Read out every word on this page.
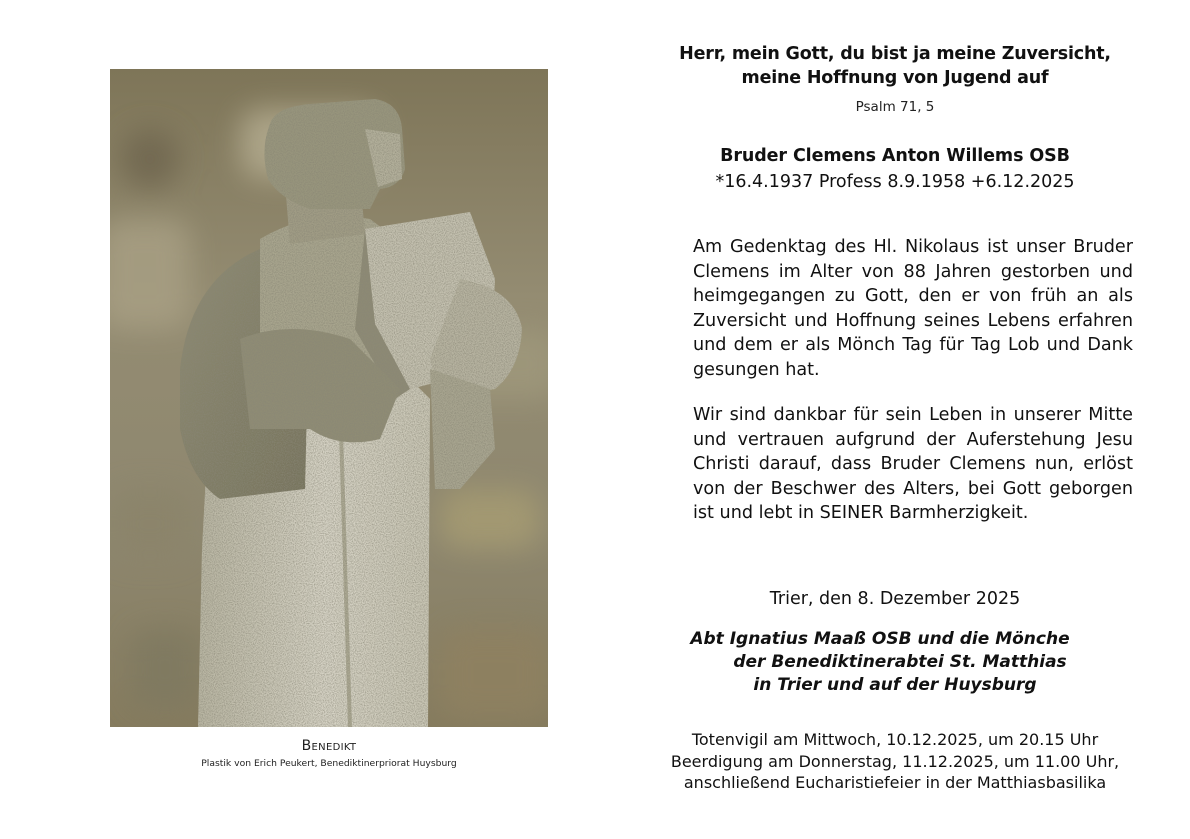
Benedikt
Plastik von Erich Peukert, Benediktinerpriorat Huysburg
Herr, mein Gott, du bist ja meine Zuversicht,
meine Hoffnung von Jugend auf
Psalm 71, 5
Bruder Clemens Anton Willems OSB
*16.4.1937 Profess 8.9.1958 +6.12.2025

Am Gedenktag des Hl. Nikolaus ist unser Bruder Clemens im Alter von 88 Jahren gestorben und heimgegangen zu Gott, den er von früh an als Zuversicht und Hoffnung seines Lebens erfahren und dem er als Mönch Tag für Tag Lob und Dank gesungen hat.

Wir sind dankbar für sein Leben in unserer Mitte und vertrauen aufgrund der Auferstehung Jesu Christi darauf, dass Bruder Clemens nun, erlöst von der Beschwer des Alters, bei Gott geborgen ist und lebt in SEINER Barmherzigkeit.

Trier, den 8. Dezember 2025
Abt Ignatius Maaß OSB und die Mönche
der Benediktinerabtei St. Matthias
in Trier und auf der Huysburg
Totenvigil am Mittwoch, 10.12.2025, um 20.15 Uhr
Beerdigung am Donnerstag, 11.12.2025, um 11.00 Uhr,
anschließend Eucharistiefeier in der Matthiasbasilika
